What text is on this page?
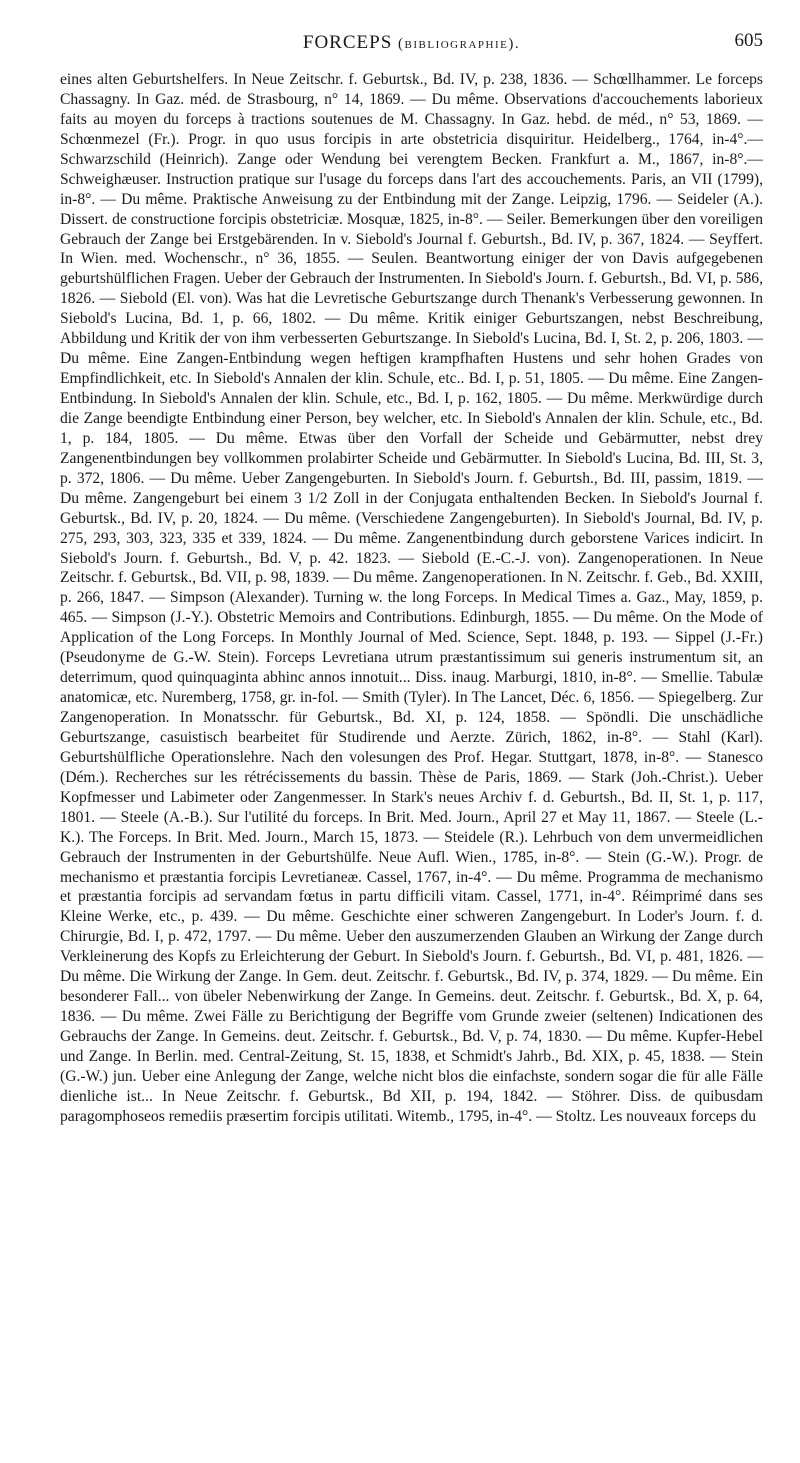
FORCEPS (bibliographie).	605
eines alten Geburtshelfers. In Neue Zeitschr. f. Geburtsk., Bd. IV, p. 238, 1836. — Schœllhammer. Le forceps Chassagny. In Gaz. méd. de Strasbourg, n° 14, 1869. — Du même. Observations d'accouchements laborieux faits au moyen du forceps à tractions soutenues de M. Chassagny. In Gaz. hebd. de méd., n° 53, 1869. — Schœnmezel (Fr.). Progr. in quo usus forcipis in arte obstetricia disquiritur. Heidelberg., 1764, in-4°.— Schwarzschild (Heinrich). Zange oder Wendung bei verengtem Becken. Frankfurt a. M., 1867, in-8°.— Schweighæuser. Instruction pratique sur l'usage du forceps dans l'art des accouchements. Paris, an VII (1799), in-8°. — Du même. Praktische Anweisung zu der Entbindung mit der Zange. Leipzig, 1796. — Seideler (A.). Dissert. de constructione forcipis obstetriciæ. Mosquæ, 1825, in-8°. — Seiler. Bemerkungen über den voreiligen Gebrauch der Zange bei Erstgebärenden. In v. Siebold's Journal f. Geburtsh., Bd. IV, p. 367, 1824. — Seyffert. In Wien. med. Wochenschr., n° 36, 1855. — Seulen. Beantwortung einiger der von Davis aufgegebenen geburtshülflichen Fragen. Ueber der Gebrauch der Instrumenten. In Siebold's Journ. f. Geburtsh., Bd. VI, p. 586, 1826. — Siebold (El. von). Was hat die Levretische Geburtszange durch Thenank's Verbesserung gewonnen. In Siebold's Lucina, Bd. 1, p. 66, 1802. — Du même. Kritik einiger Geburtszangen, nebst Beschreibung, Abbildung und Kritik der von ihm verbesserten Geburtszange. In Siebold's Lucina, Bd. I, St. 2, p. 206, 1803. — Du même. Eine Zangen-Entbindung wegen heftigen krampfhaften Hustens und sehr hohen Grades von Empfindlichkeit, etc. In Siebold's Annalen der klin. Schule, etc.. Bd. I, p. 51, 1805. — Du même. Eine Zangen-Entbindung. In Siebold's Annalen der klin. Schule, etc., Bd. I, p. 162, 1805. — Du même. Merkwürdige durch die Zange beendigte Entbindung einer Person, bey welcher, etc. In Siebold's Annalen der klin. Schule, etc., Bd. 1, p. 184, 1805. — Du même. Etwas über den Vorfall der Scheide und Gebärmutter, nebst drey Zangenentbindungen bey vollkommen prolabirter Scheide und Gebärmutter. In Siebold's Lucina, Bd. III, St. 3, p. 372, 1806. — Du même. Ueber Zangengeburten. In Siebold's Journ. f. Geburtsh., Bd. III, passim, 1819. — Du même. Zangengeburt bei einem 3 1/2 Zoll in der Conjugata enthaltenden Becken. In Siebold's Journal f. Geburtsk., Bd. IV, p. 20, 1824. — Du même. (Verschiedene Zangengeburten). In Siebold's Journal, Bd. IV, p. 275, 293, 303, 323, 335 et 339, 1824. — Du même. Zangenentbindung durch geborstene Varices indicirt. In Siebold's Journ. f. Geburtsh., Bd. V, p. 42. 1823. — Siebold (E.-C.-J. von). Zangenoperationen. In Neue Zeitschr. f. Geburtsk., Bd. VII, p. 98, 1839. — Du même. Zangenoperationen. In N. Zeitschr. f. Geb., Bd. XXIII, p. 266, 1847. — Simpson (Alexander). Turning w. the long Forceps. In Medical Times a. Gaz., May, 1859, p. 465. — Simpson (J.-Y.). Obstetric Memoirs and Contributions. Edinburgh, 1855. — Du même. On the Mode of Application of the Long Forceps. In Monthly Journal of Med. Science, Sept. 1848, p. 193. — Sippel (J.-Fr.) (Pseudonyme de G.-W. Stein). Forceps Levretiana utrum præstantissimum sui generis instrumentum sit, an deterrimum, quod quinquaginta abhinc annos innotuit... Diss. inaug. Marburgi, 1810, in-8°. — Smellie. Tabulæ anatomicæ, etc. Nuremberg, 1758, gr. in-fol. — Smith (Tyler). In The Lancet, Déc. 6, 1856. — Spiegelberg. Zur Zangenoperation. In Monatsschr. für Geburtsk., Bd. XI, p. 124, 1858. — Spöndli. Die unschädliche Geburtszange, casuistisch bearbeitet für Studirende und Aerzte. Zürich, 1862, in-8°. — Stahl (Karl). Geburtshülfliche Operationslehre. Nach den volesungen des Prof. Hegar. Stuttgart, 1878, in-8°. — Stanesco (Dém.). Recherches sur les rétrécissements du bassin. Thèse de Paris, 1869. — Stark (Joh.-Christ.). Ueber Kopfmesser und Labimeter oder Zangenmesser. In Stark's neues Archiv f. d. Geburtsh., Bd. II, St. 1, p. 117, 1801. — Steele (A.-B.). Sur l'utilité du forceps. In Brit. Med. Journ., April 27 et May 11, 1867. — Steele (L.-K.). The Forceps. In Brit. Med. Journ., March 15, 1873. — Steidele (R.). Lehrbuch von dem unvermeidlichen Gebrauch der Instrumenten in der Geburtshülfe. Neue Aufl. Wien., 1785, in-8°. — Stein (G.-W.). Progr. de mechanismo et præstantia forcipis Levretianeæ. Cassel, 1767, in-4°. — Du même. Programma de mechanismo et præstantia forcipis ad servandam fœtus in partu difficili vitam. Cassel, 1771, in-4°. Réimprimé dans ses Kleine Werke, etc., p. 439. — Du même. Geschichte einer schweren Zangengeburt. In Loder's Journ. f. d. Chirurgie, Bd. I, p. 472, 1797. — Du même. Ueber den auszumerzenden Glauben an Wirkung der Zange durch Verkleinerung des Kopfs zu Erleichterung der Geburt. In Siebold's Journ. f. Geburtsh., Bd. VI, p. 481, 1826. — Du même. Die Wirkung der Zange. In Gem. deut. Zeitschr. f. Geburtsk., Bd. IV, p. 374, 1829. — Du même. Ein besonderer Fall... von übeler Nebenwirkung der Zange. In Gemeins. deut. Zeitschr. f. Geburtsk., Bd. X, p. 64, 1836. — Du même. Zwei Fälle zu Berichtigung der Begriffe vom Grunde zweier (seltenen) Indicationen des Gebrauchs der Zange. In Gemeins. deut. Zeitschr. f. Geburtsk., Bd. V, p. 74, 1830. — Du même. Kupfer-Hebel und Zange. In Berlin. med. Central-Zeitung, St. 15, 1838, et Schmidt's Jahrb., Bd. XIX, p. 45, 1838. — Stein (G.-W.) jun. Ueber eine Anlegung der Zange, welche nicht blos die einfachste, sondern sogar die für alle Fälle dienliche ist... In Neue Zeitschr. f. Geburtsk., Bd XII, p. 194, 1842. — Stöhrer. Diss. de quibusdam paragomphoseos remediis præsertim forcipis utilitati. Witemb., 1795, in-4°. — Stoltz. Les nouveaux forceps du
